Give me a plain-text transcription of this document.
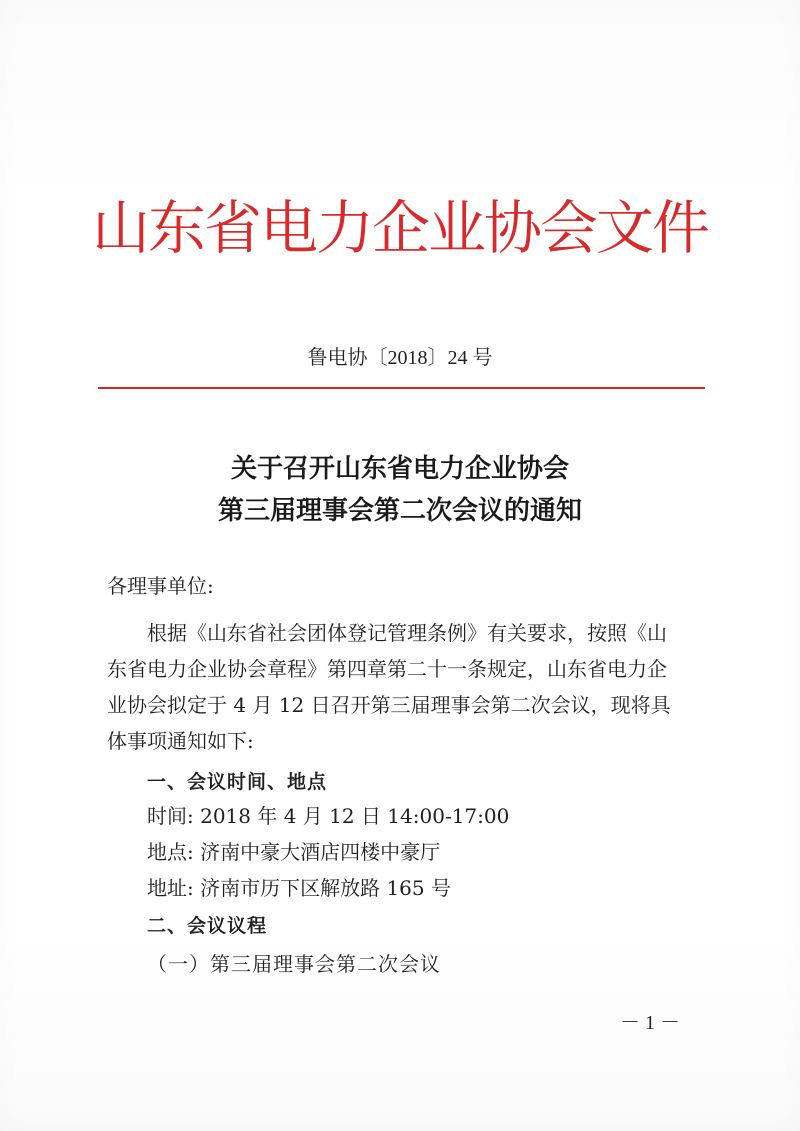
山东省电力企业协会文件
鲁电协〔2018〕24 号
关于召开山东省电力企业协会
第三届理事会第二次会议的通知
各理事单位:
根据《山东省社会团体登记管理条例》有关要求，按照《山
东省电力企业协会章程》第四章第二十一条规定，山东省电力企
业协会拟定于 4 月 12 日召开第三届理事会第二次会议，现将具
体事项通知如下:
一、会议时间、地点
时间: 2018 年 4 月 12 日 14:00-17:00
地点: 济南中豪大酒店四楼中豪厅
地址: 济南市历下区解放路 165 号
二、会议议程
（一）第三届理事会第二次会议
－ 1 －
